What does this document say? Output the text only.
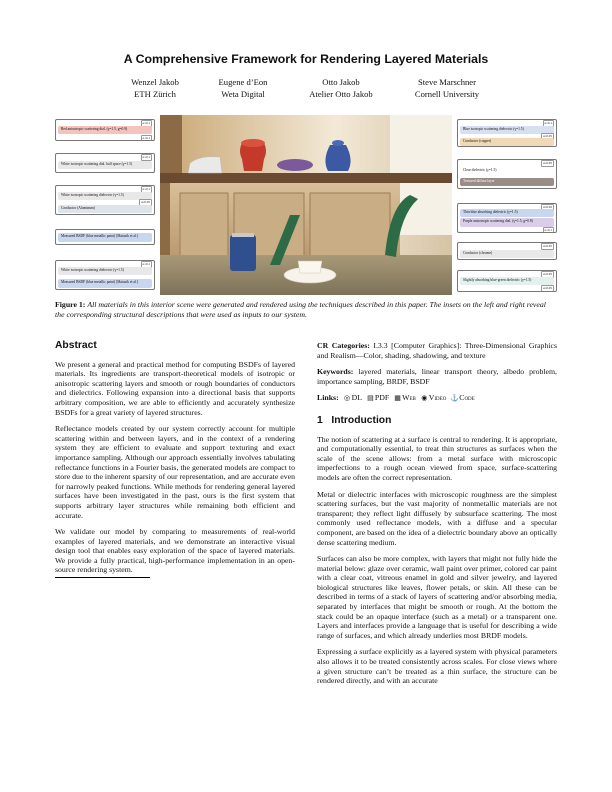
A Comprehensive Framework for Rendering Layered Materials
Wenzel Jakob
ETH Zürich
Eugene d’Eon
Weta Digital
Otto Jakob
Atelier Otto Jakob
Steve Marschner
Cornell University
α=0.1
Red anisotropic scattering dial. (γ=1.5, g=0.9)
α=0.1
α=0.1
White isotropic scattering dial. half space (γ=1.5)
α=0.1
White isotropic scattering dielectric (γ=1.5)
α=0.05
Conductor (Aluminum)
Measured BSDF (blue metallic paint) [Matusik et al.]
α=0.1
White isotropic scattering dielectric (γ=1.5)
Measured BSDF (blue metallic paint) [Matusik et al.]
α=0.1
Blue isotropic scattering dielectric (γ=1.5)
α=0.05
Conductor (copper)
α=0.05
Clear dielectric (γ=1.5)
Textured diffuse layer
α=0.02
Thin blue absorbing dielectric (γ=1.5)
Purple anisotropic scattering dial. (γ=1.5, g=0.8)
α=0.1
α=0.05
Conductor (chrome)
α=0.05
Slightly absorbing blue-green dielectric (γ=1.5)
α=0.05
Figure 1: All materials in this interior scene were generated and rendered using the techniques described in this paper. The insets on the left and right reveal the corresponding structural descriptions that were used as inputs to our system.
Abstract

We present a general and practical method for computing BSDFs of layered materials. Its ingredients are transport-theoretical models of isotropic or anisotropic scattering layers and smooth or rough boundaries of conductors and dielectrics. Following expansion into a directional basis that supports arbitrary composition, we are able to efficiently and accurately synthesize BSDFs for a great variety of layered structures.

Reflectance models created by our system correctly account for multiple scattering within and between layers, and in the context of a rendering system they are efficient to evaluate and support texturing and exact importance sampling. Although our approach essentially involves tabulating reflectance functions in a Fourier basis, the generated models are compact to store due to the inherent sparsity of our representation, and are accurate even for narrowly peaked functions. While methods for rendering general layered surfaces have been investigated in the past, ours is the first system that supports arbitrary layer structures while remaining both efficient and accurate.

We validate our model by comparing to measurements of real-world examples of layered materials, and we demonstrate an interactive visual design tool that enables easy exploration of the space of layered materials. We provide a fully practical, high-performance implementation in an open-source rendering system.

CR Categories: I.3.3 [Computer Graphics]: Three-Dimensional Graphics and Realism—Color, shading, shadowing, and texture

Keywords: layered materials, linear transport theory, albedo problem, importance sampling, BRDF, BSDF

Links: ◎DL ▤PDF ▦Web ◉Video ⚓Code
1 Introduction

The notion of scattering at a surface is central to rendering. It is appropriate, and computationally essential, to treat thin structures as surfaces when the scale of the scene allows: from a metal surface with microscopic imperfections to a rough ocean viewed from space, surface-scattering models are often the correct representation.

Metal or dielectric interfaces with microscopic roughness are the simplest scattering surfaces, but the vast majority of nonmetallic materials are not transparent; they reflect light diffusely by subsurface scattering. The most commonly used reflectance models, with a diffuse and a specular component, are based on the idea of a dielectric boundary above an optically dense scattering medium.

Surfaces can also be more complex, with layers that might not fully hide the material below: glaze over ceramic, wall paint over primer, colored car paint with a clear coat, vitreous enamel in gold and silver jewelry, and layered biological structures like leaves, flower petals, or skin. All these can be described in terms of a stack of layers of scattering and/or absorbing media, separated by interfaces that might be smooth or rough. At the bottom the stack could be an opaque interface (such as a metal) or a transparent one. Layers and interfaces provide a language that is useful for describing a wide range of surfaces, and which already underlies most BRDF models.

Expressing a surface explicitly as a layered system with physical parameters also allows it to be treated consistently across scales. For close views where a given structure can’t be treated as a thin surface, the structure can be rendered directly, and with an accurate
